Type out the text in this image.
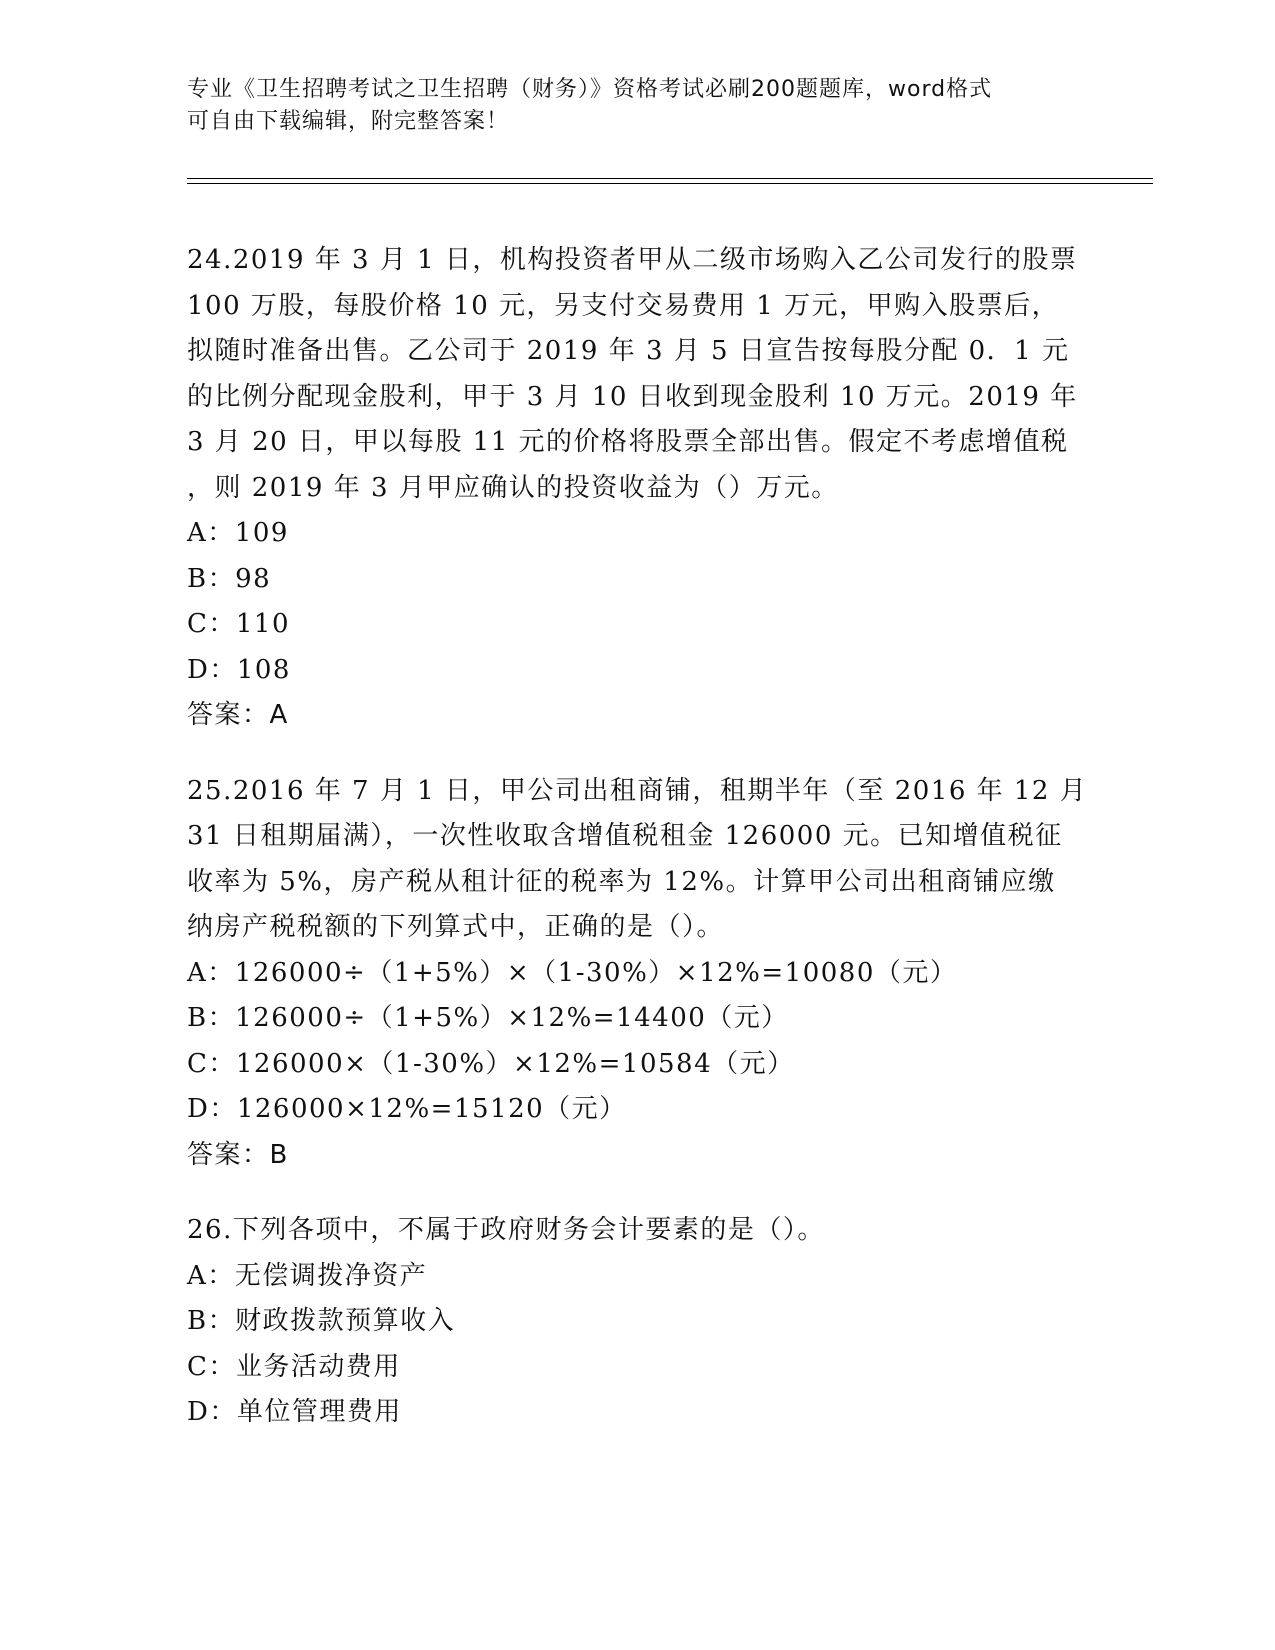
专业《卫生招聘考试之卫生招聘（财务）》资格考试必刷200题题库，word格式
可自由下载编辑，附完整答案！
24.2019 年 3 月 1 日，机构投资者甲从二级市场购入乙公司发行的股票
100 万股，每股价格 10 元，另支付交易费用 1 万元，甲购入股票后，
拟随时准备出售。乙公司于 2019 年 3 月 5 日宣告按每股分配 0．1 元
的比例分配现金股利，甲于 3 月 10 日收到现金股利 10 万元。2019 年
3 月 20 日，甲以每股 11 元的价格将股票全部出售。假定不考虑增值税
，则 2019 年 3 月甲应确认的投资收益为（）万元。
A：109
B：98
C：110
D：108
答案：A
25.2016 年 7 月 1 日，甲公司出租商铺，租期半年（至 2016 年 12 月
31 日租期届满），一次性收取含增值税租金 126000 元。已知增值税征
收率为 5%，房产税从租计征的税率为 12%。计算甲公司出租商铺应缴
纳房产税税额的下列算式中，正确的是（）。
A：126000÷（1+5%）×（1-30%）×12%=10080（元）
B：126000÷（1+5%）×12%=14400（元）
C：126000×（1-30%）×12%=10584（元）
D：126000×12%=15120（元）
答案：B
26.下列各项中，不属于政府财务会计要素的是（）。
A：无偿调拨净资产
B：财政拨款预算收入
C：业务活动费用
D：单位管理费用
